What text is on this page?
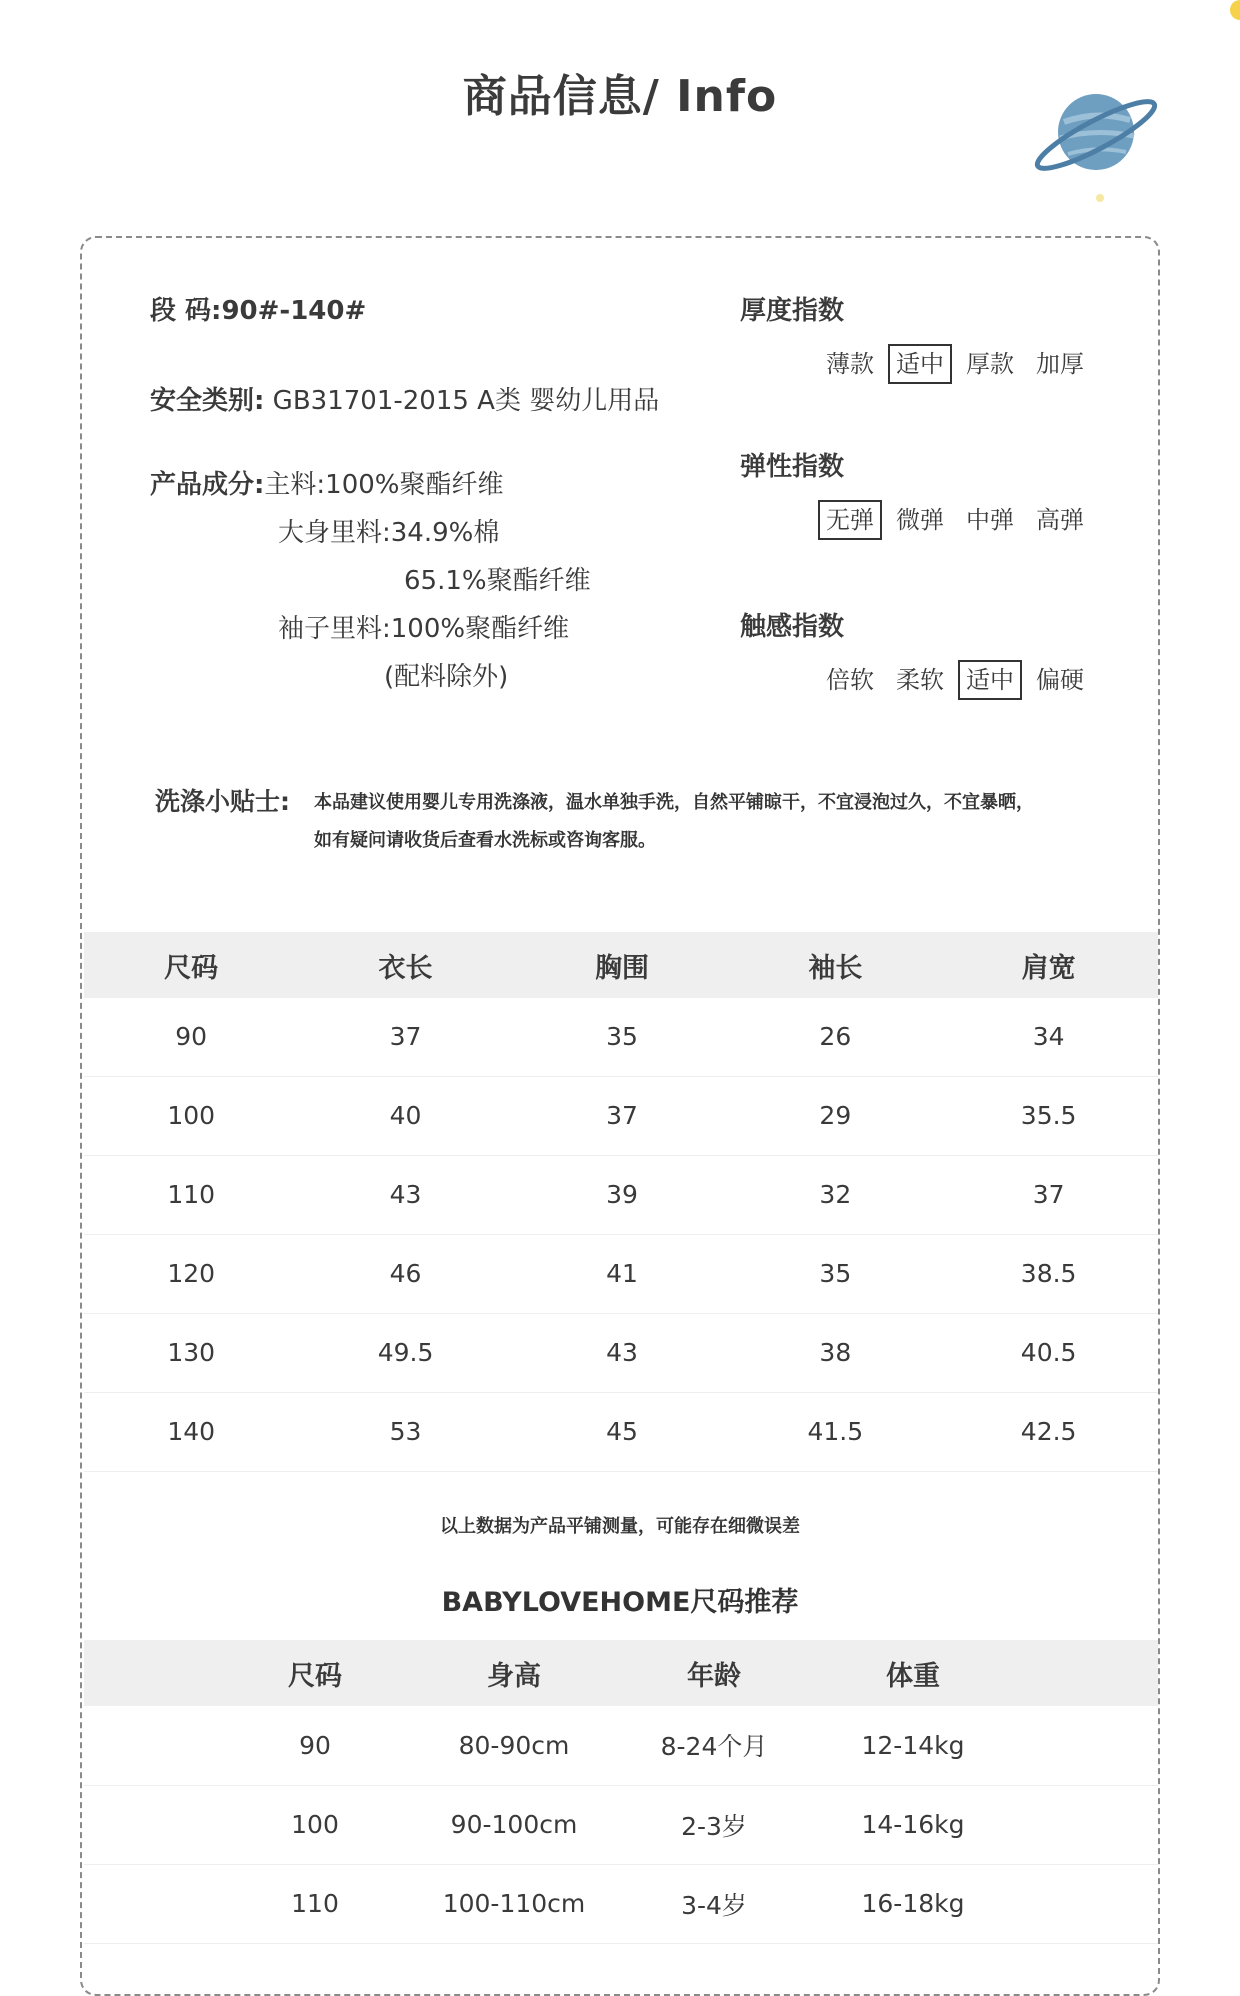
商品信息/ Info
段 码:90#-140#
安全类别: GB31701-2015 A类 婴幼儿用品
产品成分:主料:100%聚酯纤维
大身里料:34.9%棉
65.1%聚酯纤维
袖子里料:100%聚酯纤维
(配料除外)
厚度指数
薄款 适中 厚款 加厚
弹性指数
无弹 微弹 中弹 高弹
触感指数
倍软 柔软 适中 偏硬
洗涤小贴士: 本品建议使用婴儿专用洗涤液，温水单独手洗，自然平铺晾干，不宜浸泡过久，不宜暴晒，
如有疑问请收货后查看水洗标或咨询客服。
尺码	衣长	胸围	袖长	肩宽
90	37	35	26	34
100	40	37	29	35.5
110	43	39	32	37
120	46	41	35	38.5
130	49.5	43	38	40.5
140	53	45	41.5	42.5
以上数据为产品平铺测量，可能存在细微误差
BABYLOVEHOME尺码推荐
	尺码	身高	年龄	体重	
	90	80-90cm	8-24个月	12-14kg	
	100	90-100cm	2-3岁	14-16kg	
	110	100-110cm	3-4岁	16-18kg	
